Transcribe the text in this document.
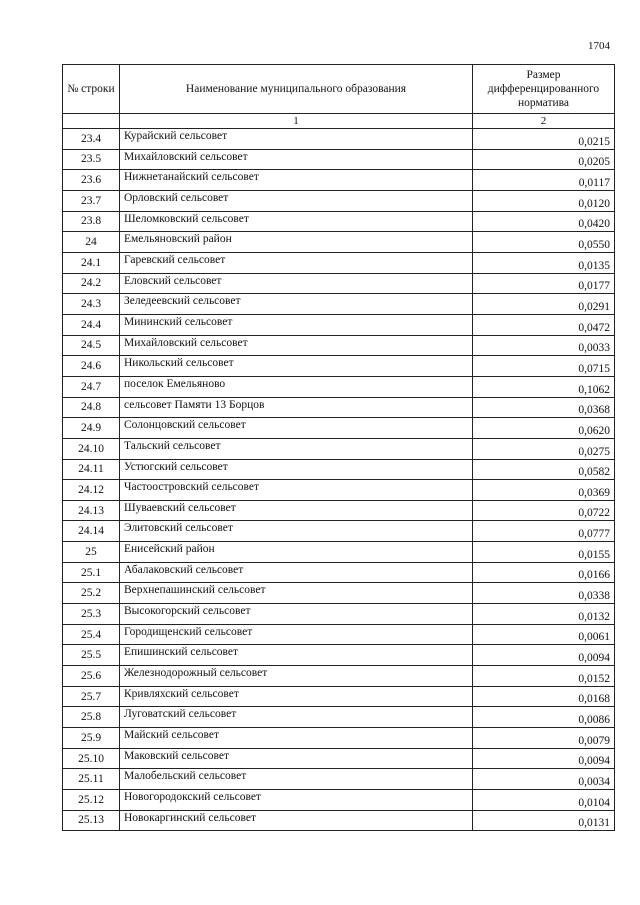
1704
№ строки	Наименование муниципального образования	Размер дифференцированного норматива
	1	2
23.4	Курайский сельсовет	0,0215
23.5	Михайловский сельсовет	0,0205
23.6	Нижнетанайский сельсовет	0,0117
23.7	Орловский сельсовет	0,0120
23.8	Шеломковский сельсовет	0,0420
24	Емельяновский район	0,0550
24.1	Гаревский сельсовет	0,0135
24.2	Еловский сельсовет	0,0177
24.3	Зеледеевский сельсовет	0,0291
24.4	Мининский сельсовет	0,0472
24.5	Михайловский сельсовет	0,0033
24.6	Никольский сельсовет	0,0715
24.7	поселок Емельяново	0,1062
24.8	сельсовет Памяти 13 Борцов	0,0368
24.9	Солонцовский сельсовет	0,0620
24.10	Тальский сельсовет	0,0275
24.11	Устюгский сельсовет	0,0582
24.12	Частоостровский сельсовет	0,0369
24.13	Шуваевский сельсовет	0,0722
24.14	Элитовский сельсовет	0,0777
25	Енисейский район	0,0155
25.1	Абалаковский сельсовет	0,0166
25.2	Верхнепашинский сельсовет	0,0338
25.3	Высокогорский сельсовет	0,0132
25.4	Городищенский сельсовет	0,0061
25.5	Епишинский сельсовет	0,0094
25.6	Железнодорожный сельсовет	0,0152
25.7	Кривляхский сельсовет	0,0168
25.8	Луговатский сельсовет	0,0086
25.9	Майский сельсовет	0,0079
25.10	Маковский сельсовет	0,0094
25.11	Малобельский сельсовет	0,0034
25.12	Новогородокский сельсовет	0,0104
25.13	Новокаргинский сельсовет	0,0131
